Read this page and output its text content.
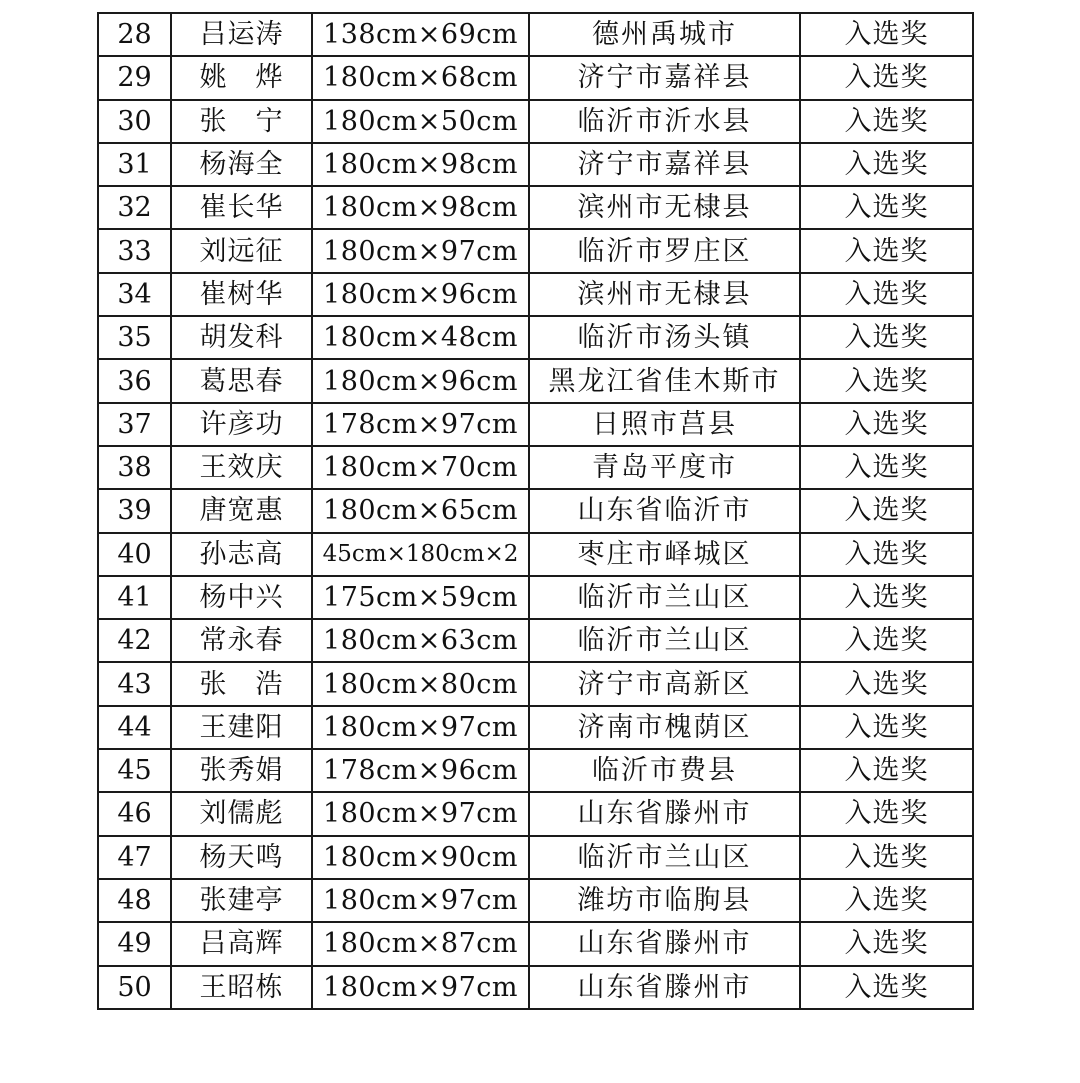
28	吕运涛	138cm×69cm	德州禹城市	入选奖
29	姚　烨	180cm×68cm	济宁市嘉祥县	入选奖
30	张　宁	180cm×50cm	临沂市沂水县	入选奖
31	杨海全	180cm×98cm	济宁市嘉祥县	入选奖
32	崔长华	180cm×98cm	滨州市无棣县	入选奖
33	刘远征	180cm×97cm	临沂市罗庄区	入选奖
34	崔树华	180cm×96cm	滨州市无棣县	入选奖
35	胡发科	180cm×48cm	临沂市汤头镇	入选奖
36	葛思春	180cm×96cm	黑龙江省佳木斯市	入选奖
37	许彦功	178cm×97cm	日照市莒县	入选奖
38	王效庆	180cm×70cm	青岛平度市	入选奖
39	唐宽惠	180cm×65cm	山东省临沂市	入选奖
40	孙志高	45cm×180cm×2	枣庄市峄城区	入选奖
41	杨中兴	175cm×59cm	临沂市兰山区	入选奖
42	常永春	180cm×63cm	临沂市兰山区	入选奖
43	张　浩	180cm×80cm	济宁市高新区	入选奖
44	王建阳	180cm×97cm	济南市槐荫区	入选奖
45	张秀娟	178cm×96cm	临沂市费县	入选奖
46	刘儒彪	180cm×97cm	山东省滕州市	入选奖
47	杨天鸣	180cm×90cm	临沂市兰山区	入选奖
48	张建亭	180cm×97cm	潍坊市临朐县	入选奖
49	吕高辉	180cm×87cm	山东省滕州市	入选奖
50	王昭栋	180cm×97cm	山东省滕州市	入选奖
